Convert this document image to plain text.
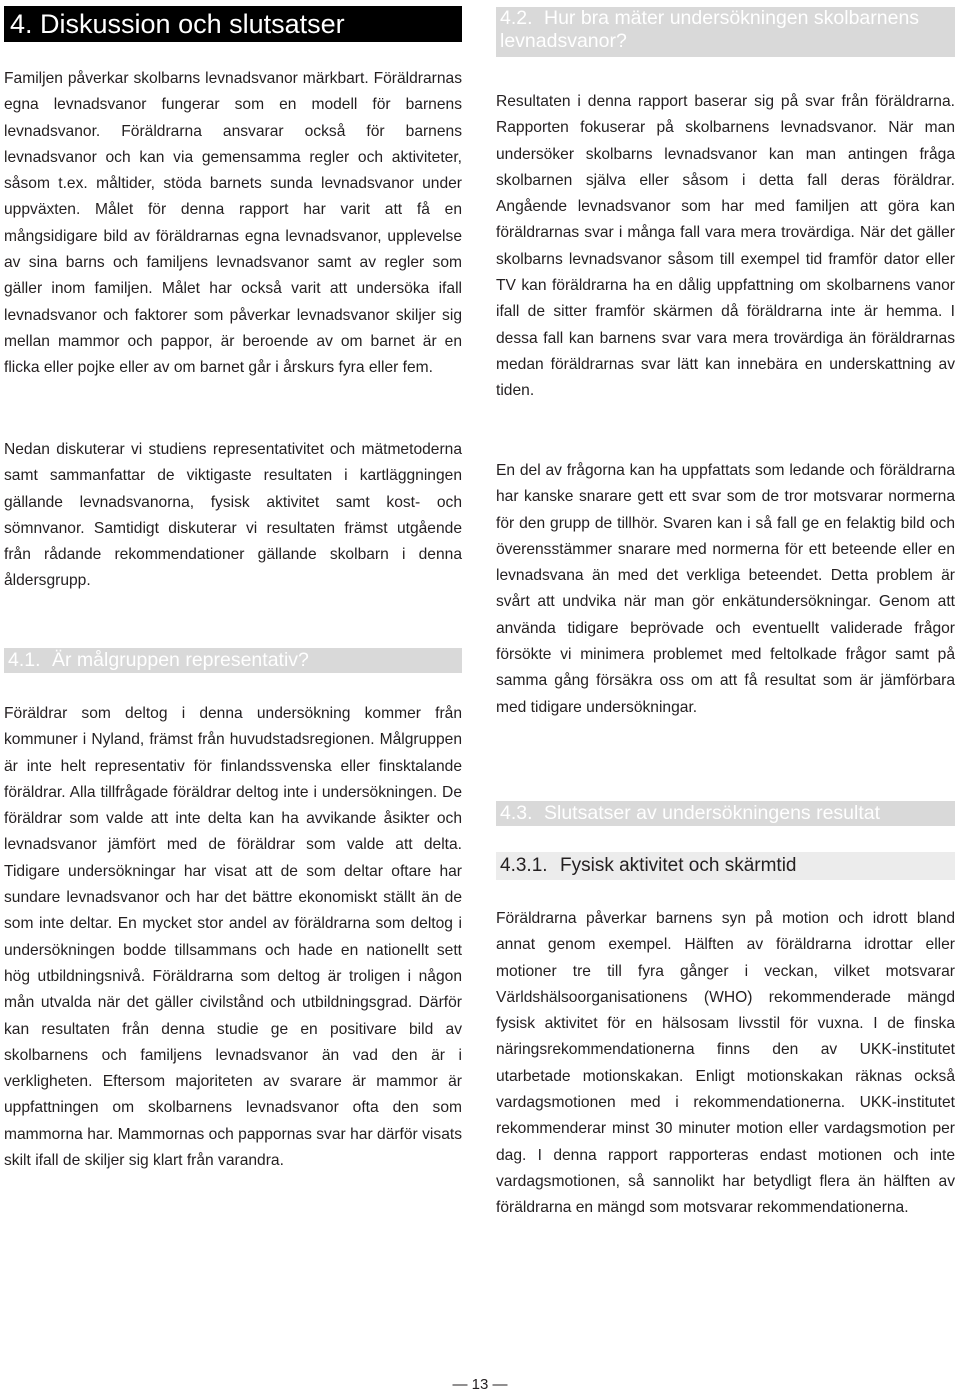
4. Diskussion och slutsatser

Familjen påverkar skolbarns levnadsvanor märkbart. Föräldrarnas egna levnadsvanor fungerar som en modell för barnens levnadsvanor. Föräldrarna ansvarar också för barnens levnadsvanor och kan via gemensamma regler och aktiviteter, såsom t.ex. måltider, stöda barnets sunda levnadsvanor under uppväxten. Målet för denna rapport har varit att få en mångsidigare bild av föräldrarnas egna levnadsvanor, upplevelse av sina barns och familjens levnadsvanor samt av regler som gäller inom familjen. Målet har också varit att undersöka ifall levnadsvanor och faktorer som påverkar levnadsvanor skiljer sig mellan mammor och pappor, är beroende av om barnet är en flicka eller pojke eller av om barnet går i årskurs fyra eller fem.

Nedan diskuterar vi studiens representativitet och mätmetoderna samt sammanfattar de viktigaste resultaten i kartläggningen gällande levnadsvanorna, fysisk aktivitet samt kost- och sömnvanor. Samtidigt diskuterar vi resultaten främst utgående från rådande rekommendationer gällande skolbarn i denna åldersgrupp.

4.1. Är målgruppen representativ?

Föräldrar som deltog i denna undersökning kommer från kommuner i Nyland, främst från huvudstadsregionen. Målgruppen är inte helt representativ för finlandssvenska eller finsktalande föräldrar. Alla tillfrågade föräldrar deltog inte i undersökningen. De föräldrar som valde att inte delta kan ha avvikande åsikter och levnadsvanor jämfört med de föräldrar som valde att delta. Tidigare undersökningar har visat att de som deltar oftare har sundare levnadsvanor och har det bättre ekonomiskt ställt än de som inte deltar. En mycket stor andel av föräldrarna som deltog i undersökningen bodde tillsammans och hade en nationellt sett hög utbildningsnivå. Föräldrarna som deltog är troligen i någon mån utvalda när det gäller civilstånd och utbildningsgrad. Därför kan resultaten från denna studie ge en positivare bild av skolbarnens och familjens levnadsvanor än vad den är i verkligheten. Eftersom majoriteten av svarare är mammor är uppfattningen om skolbarnens levnadsvanor ofta den som mammorna har. Mammornas och pappornas svar har därför visats skilt ifall de skiljer sig klart från varandra.

4.2. Hur bra mäter undersökningen skolbarnens levnadsvanor?

Resultaten i denna rapport baserar sig på svar från föräldrarna. Rapporten fokuserar på skolbarnens levnadsvanor. När man undersöker skolbarns levnadsvanor kan man antingen fråga skolbarnen själva eller såsom i detta fall deras föräldrar. Angående levnadsvanor som har med familjen att göra kan föräldrarnas svar i många fall vara mera trovärdiga. När det gäller skolbarns levnadsvanor såsom till exempel tid framför dator eller TV kan föräldrarna ha en dålig uppfattning om skolbarnens vanor ifall de sitter framför skärmen då föräldrarna inte är hemma. I dessa fall kan barnens svar vara mera trovärdiga än föräldrarnas medan föräldrarnas svar lätt kan innebära en underskattning av tiden.

En del av frågorna kan ha uppfattats som ledande och föräldrarna har kanske snarare gett ett svar som de tror motsvarar normerna för den grupp de tillhör. Svaren kan i så fall ge en felaktig bild och överensstämmer snarare med normerna för ett beteende eller en levnadsvana än med det verkliga beteendet. Detta problem är svårt att undvika när man gör enkätundersökningar. Genom att använda tidigare beprövade och eventuellt validerade frågor försökte vi minimera problemet med feltolkade frågor samt på samma gång försäkra oss om att få resultat som är jämförbara med tidigare undersökningar.

4.3. Slutsatser av undersökningens resultat
4.3.1. Fysisk aktivitet och skärmtid

Föräldrarna påverkar barnens syn på motion och idrott bland annat genom exempel. Hälften av föräldrarna idrottar eller motioner tre till fyra gånger i veckan, vilket motsvarar Världshälsoorganisationens (WHO) rekommenderade mängd fysisk aktivitet för en hälsosam livsstil för vuxna. I de finska näringsrekommendationerna finns den av UKK-institutet utarbetade motionskakan. Enligt motionskakan räknas också vardagsmotionen med i rekommendationerna. UKK-institutet rekommenderar minst 30 minuter motion eller vardagsmotion per dag. I denna rapport rapporteras endast motionen och inte vardagsmotionen, så sannolikt har betydligt flera än hälften av föräldrarna en mängd som motsvarar rekommendationerna.

— 13 —
